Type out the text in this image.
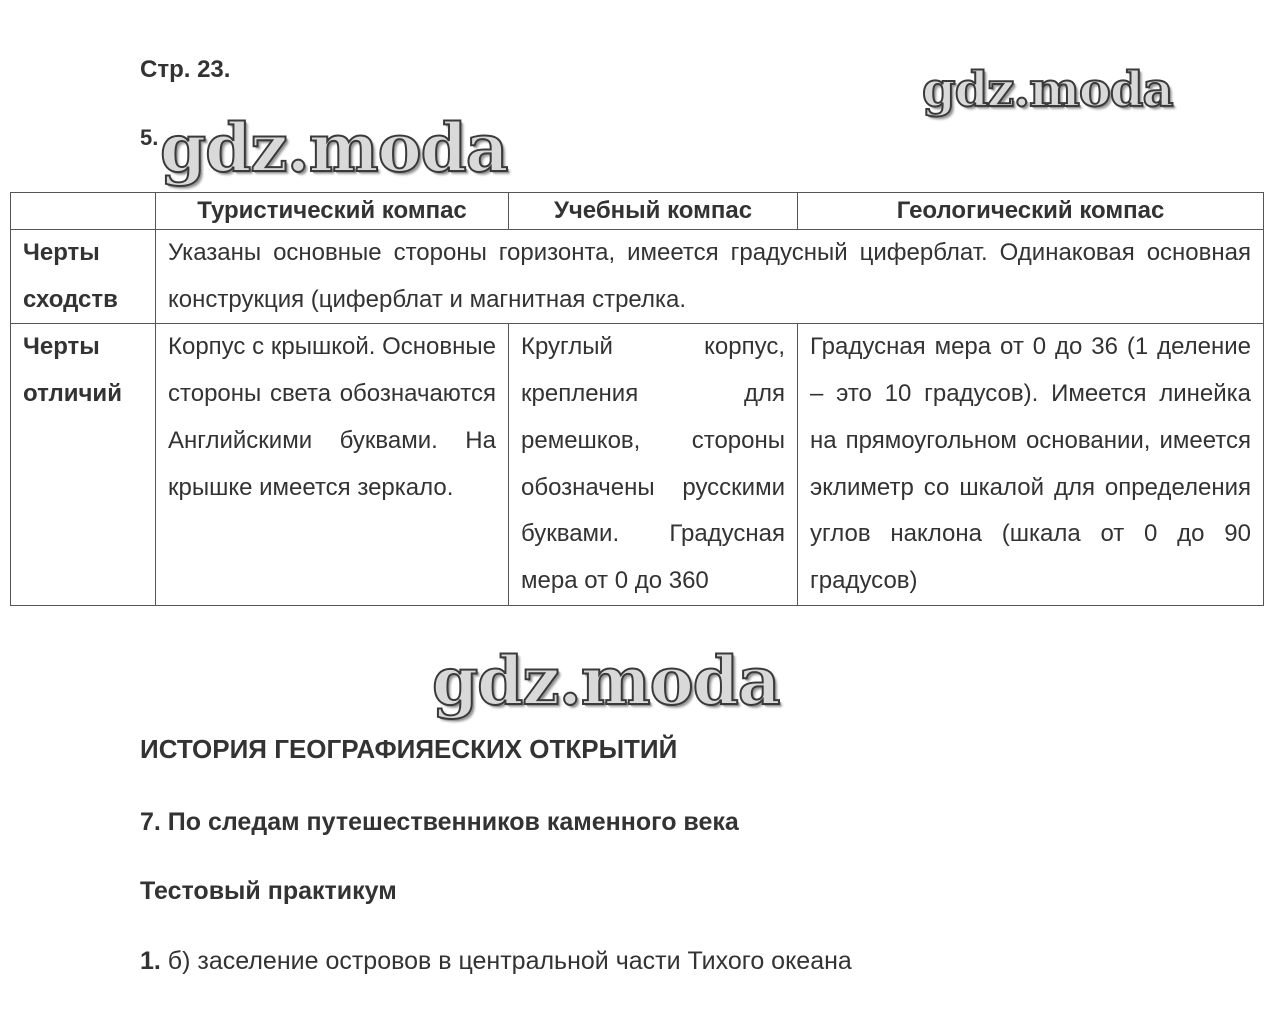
Стр. 23.
5.
gdz.moda
gdz.moda
	Туристический компас	Учебный компас	Геологический компас
Черты сходств	Указаны основные стороны горизонта, имеется градусный циферблат. Одинаковая основная конструкция (циферблат и магнитная стрелка.		

Черты отличий	Корпус с крышкой. Основные стороны света обозначаются Английскими буквами. На крышке имеется зеркало.	Круглый корпус, крепления для ремешков, стороны обозначены русскими буквами. Градусная мера от 0 до 360	Градусная мера от 0 до 36 (1 деление – это 10 градусов). Имеется линейка на прямоугольном основании, имеется эклиметр со шкалой для определения углов наклона (шкала от 0 до 90 градусов)
gdz.moda
ИСТОРИЯ ГЕОГРАФИЯЕСКИХ ОТКРЫТИЙ
7. По следам путешественников каменного века
Тестовый практикум
1. б) заселение островов в центральной части Тихого океана
